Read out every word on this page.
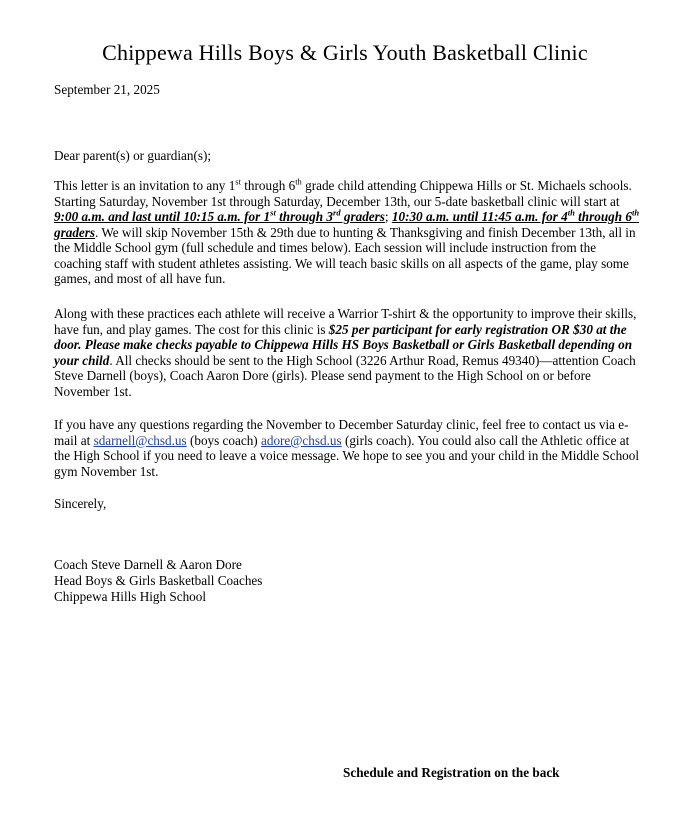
Chippewa Hills Boys & Girls Youth Basketball Clinic
September 21, 2025
Dear parent(s) or guardian(s);
This letter is an invitation to any 1st through 6th grade child attending Chippewa Hills or St. Michaels schools. Starting Saturday, November 1st through Saturday, December 13th, our 5-date basketball clinic will start at 9:00 a.m. and last until 10:15 a.m. for 1st through 3rd graders; 10:30 a.m. until 11:45 a.m. for 4th through 6th graders. We will skip November 15th & 29th due to hunting & Thanksgiving and finish December 13th, all in the Middle School gym (full schedule and times below). Each session will include instruction from the coaching staff with student athletes assisting. We will teach basic skills on all aspects of the game, play some games, and most of all have fun.
Along with these practices each athlete will receive a Warrior T-shirt & the opportunity to improve their skills, have fun, and play games. The cost for this clinic is $25 per participant for early registration OR $30 at the door. Please make checks payable to Chippewa Hills HS Boys Basketball or Girls Basketball depending on your child. All checks should be sent to the High School (3226 Arthur Road, Remus 49340)—attention Coach Steve Darnell (boys), Coach Aaron Dore (girls). Please send payment to the High School on or before November 1st.
If you have any questions regarding the November to December Saturday clinic, feel free to contact us via e-mail at sdarnell@chsd.us (boys coach) adore@chsd.us (girls coach). You could also call the Athletic office at the High School if you need to leave a voice message. We hope to see you and your child in the Middle School gym November 1st.
Sincerely,
Coach Steve Darnell & Aaron Dore
Head Boys & Girls Basketball Coaches
Chippewa Hills High School
Schedule and Registration on the back
